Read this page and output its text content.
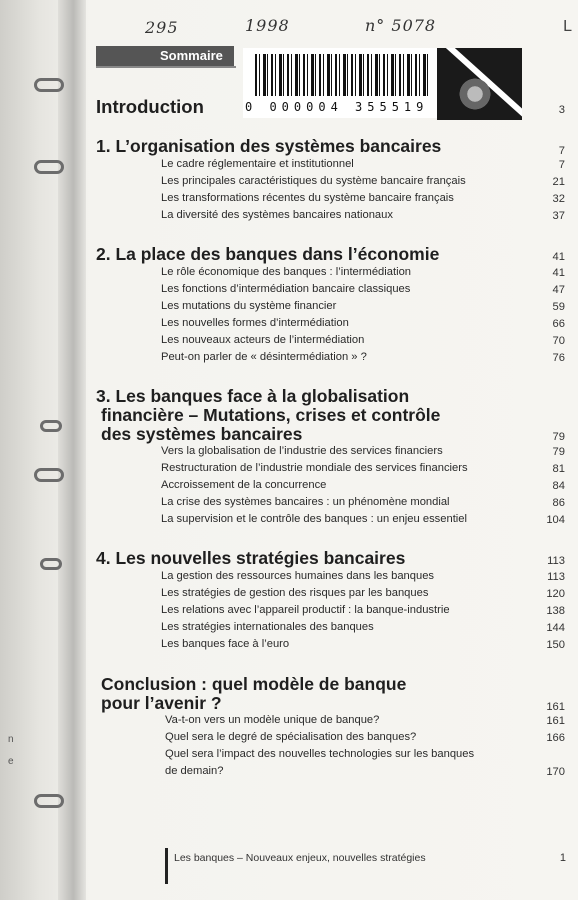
295	1998	n° 5078	L
Sommaire
0 000004 355519
Introduction	3
1. L’organisation des systèmes bancaires	7
Le cadre réglementaire et institutionnel	7
Les principales caractéristiques du système bancaire français	21
Les transformations récentes du système bancaire français	32
La diversité des systèmes bancaires nationaux	37
2. La place des banques dans l’économie	41
Le rôle économique des banques : l’intermédiation	41
Les fonctions d’intermédiation bancaire classiques	47
Les mutations du système financier	59
Les nouvelles formes d’intermédiation	66
Les nouveaux acteurs de l’intermédiation	70
Peut-on parler de « désintermédiation » ?	76
3. Les banques face à la globalisation
financière – Mutations, crises et contrôle
des systèmes bancaires	79
Vers la globalisation de l’industrie des services financiers	79
Restructuration de l’industrie mondiale des services financiers	81
Accroissement de la concurrence	84
La crise des systèmes bancaires : un phénomène mondial	86
La supervision et le contrôle des banques : un enjeu essentiel	104
4. Les nouvelles stratégies bancaires	113
La gestion des ressources humaines dans les banques	113
Les stratégies de gestion des risques par les banques	120
Les relations avec l’appareil productif : la banque-industrie	138
Les stratégies internationales des banques	144
Les banques face à l’euro	150
Conclusion : quel modèle de banque
pour l’avenir ?	161
Va-t-on vers un modèle unique de banque?	161
Quel sera le degré de spécialisation des banques?	166
Quel sera l’impact des nouvelles technologies sur les banques
de demain?	170
Les banques – Nouveaux enjeux, nouvelles stratégies	1
n
e
